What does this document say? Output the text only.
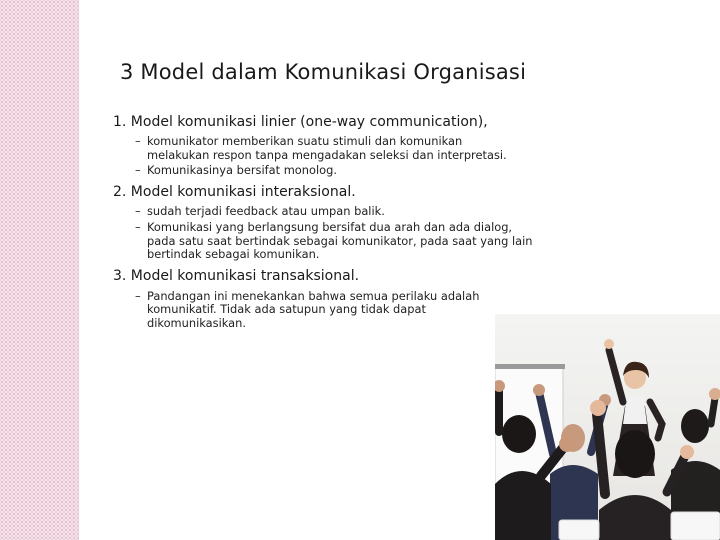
3 Model dalam Komunikasi Organisasi
1. Model komunikasi linier (one-way communication),
– komunikator memberikan suatu stimuli dan komunikan melakukan respon tanpa mengadakan seleksi dan interpretasi.
– Komunikasinya bersifat monolog.
2. Model komunikasi interaksional.
– sudah terjadi feedback atau umpan balik.
– Komunikasi yang berlangsung bersifat dua arah dan ada dialog, pada satu saat bertindak sebagai komunikator, pada saat yang lain bertindak sebagai komunikan.
3. Model komunikasi transaksional.
– Pandangan ini menekankan bahwa semua perilaku adalah komunikatif. Tidak ada satupun yang tidak dapat dikomunikasikan.
